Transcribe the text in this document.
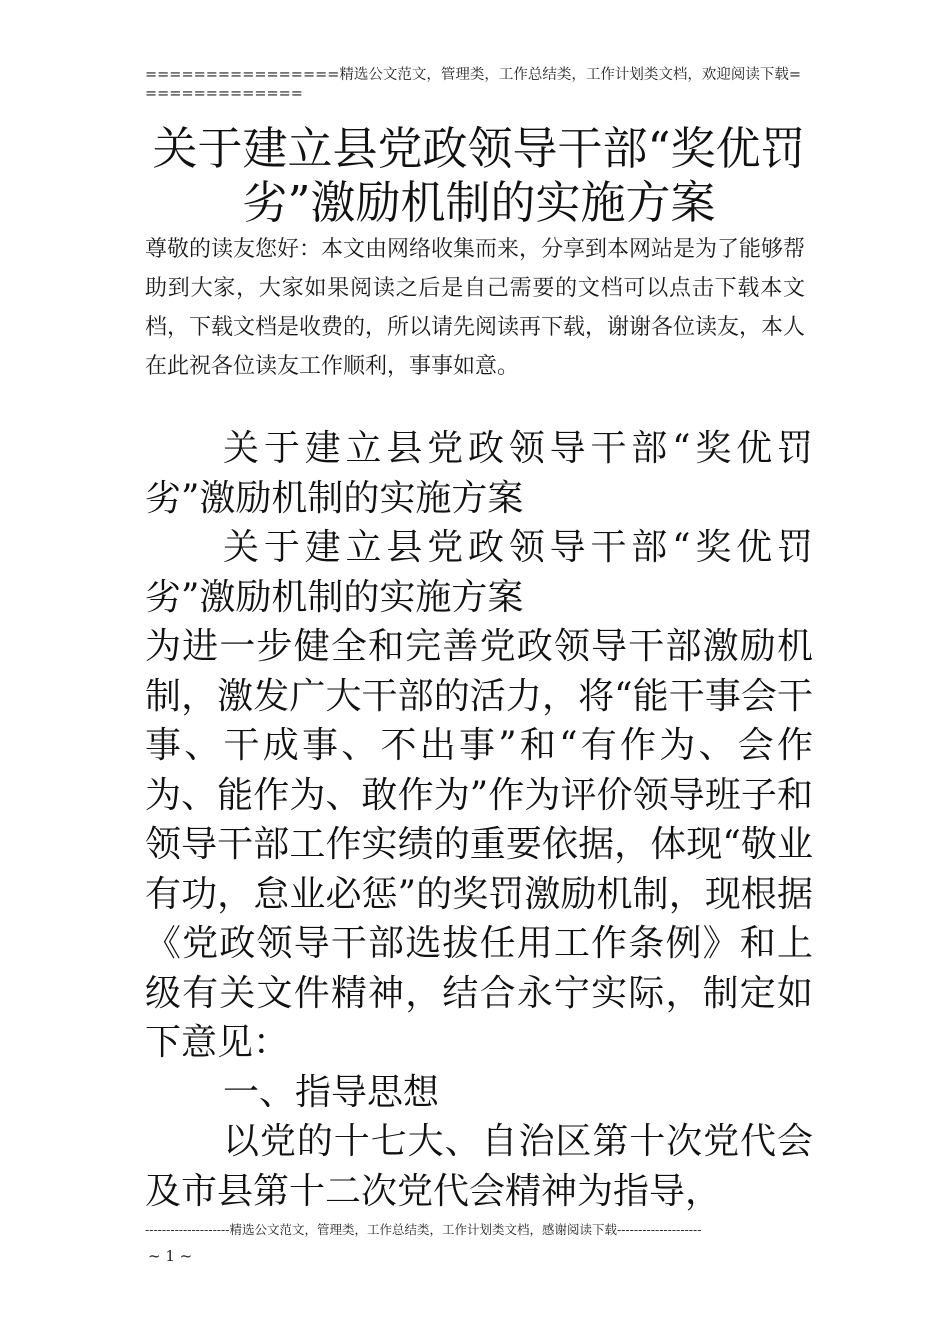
================精选公文范文，管理类，工作总结类，工作计划类文档，欢迎阅读下载==============
关于建立县党政领导干部“奖优罚劣”激励机制的实施方案

尊敬的读友您好：本文由网络收集而来，分享到本网站是为了能够帮助到大家，大家如果阅读之后是自己需要的文档可以点击下载本文档，下载文档是收费的，所以请先阅读再下载，谢谢各位读友，本人在此祝各位读友工作顺利，事事如意。

关于建立县党政领导干部“奖优罚劣”激励机制的实施方案

关于建立县党政领导干部“奖优罚劣”激励机制的实施方案

为进一步健全和完善党政领导干部激励机制，激发广大干部的活力，将“能干事会干事、干成事、不出事”和“有作为、会作为、能作为、敢作为”作为评价领导班子和领导干部工作实绩的重要依据，体现“敬业有功，怠业必惩”的奖罚激励机制，现根据《党政领导干部选拔任用工作条例》和上级有关文件精神，结合永宁实际，制定如下意见：

一、指导思想

以党的十七大、自治区第十次党代会及市县第十二次党代会精神为指导，

--------------------精选公文范文，管理类，工作总结类，工作计划类文档，感谢阅读下载--------------------
~ 1 ~
